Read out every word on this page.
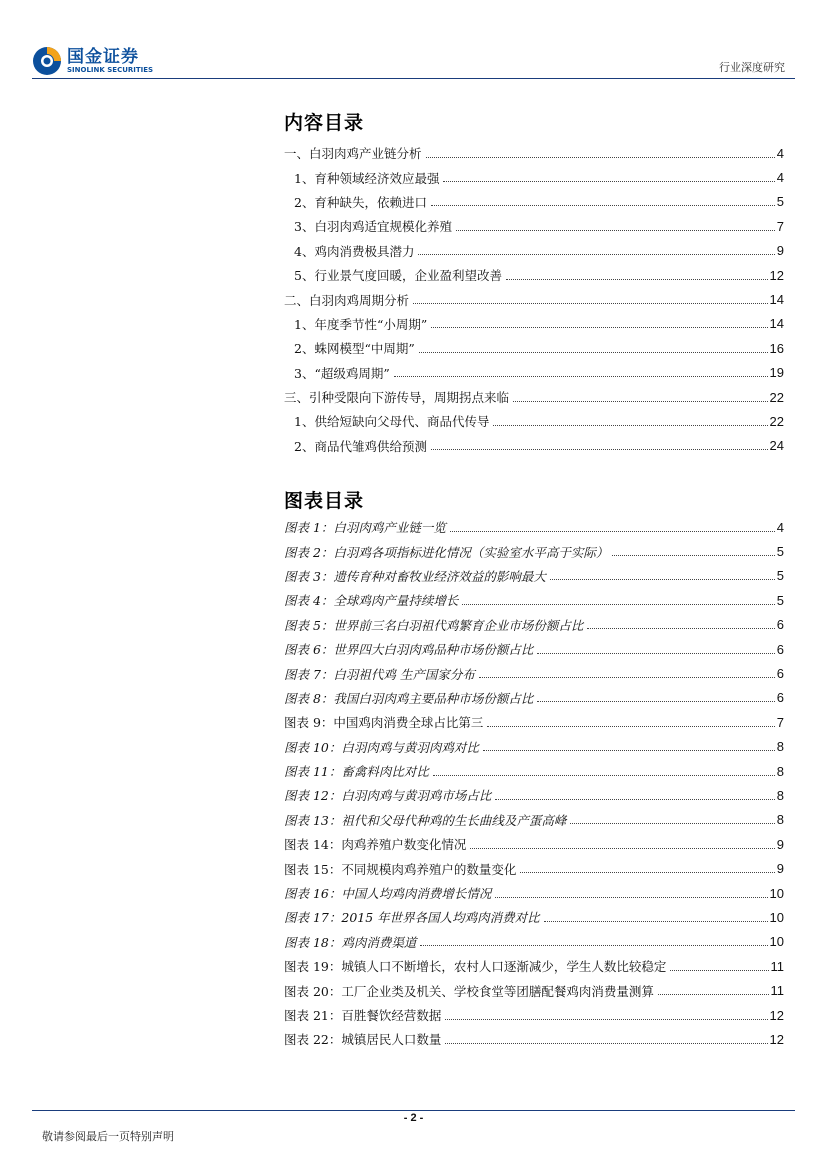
国金证券
SINOLINK SECURITIES	行业深度研究
内容目录
一、白羽肉鸡产业链分析	4
1、育种领域经济效应最强	4
2、育种缺失，依赖进口	5
3、白羽肉鸡适宜规模化养殖	7
4、鸡肉消费极具潜力	9
5、行业景气度回暖，企业盈利望改善	12
二、白羽肉鸡周期分析	14
1、年度季节性“小周期”	14
2、蛛网模型“中周期”	16
3、“超级鸡周期”	19
三、引种受限向下游传导，周期拐点来临	22
1、供给短缺向父母代、商品代传导	22
2、商品代雏鸡供给预测	24
图表目录
图表 1：白羽肉鸡产业链一览	4
图表 2：白羽鸡各项指标进化情况（实验室水平高于实际）	5
图表 3：遗传育种对畜牧业经济效益的影响最大	5
图表 4：全球鸡肉产量持续增长	5
图表 5：世界前三名白羽祖代鸡繁育企业市场份额占比	6
图表 6：世界四大白羽肉鸡品种市场份额占比	6
图表 7：白羽祖代鸡 生产国家分布	6
图表 8：我国白羽肉鸡主要品种市场份额占比	6
图表 9：中国鸡肉消费全球占比第三	7
图表 10：白羽肉鸡与黄羽肉鸡对比	8
图表 11：畜禽料肉比对比	8
图表 12：白羽肉鸡与黄羽鸡市场占比	8
图表 13：祖代和父母代种鸡的生长曲线及产蛋高峰	8
图表 14：肉鸡养殖户数变化情况	9
图表 15：不同规模肉鸡养殖户的数量变化	9
图表 16：中国人均鸡肉消费增长情况	10
图表 17：2015 年世界各国人均鸡肉消费对比	10
图表 18：鸡肉消费渠道	10
图表 19：城镇人口不断增长，农村人口逐渐减少，学生人数比较稳定	11
图表 20：工厂企业类及机关、学校食堂等团膳配餐鸡肉消费量测算	11
图表 21：百胜餐饮经营数据	12
图表 22：城镇居民人口数量	12
- 2 -
敬请参阅最后一页特别声明
